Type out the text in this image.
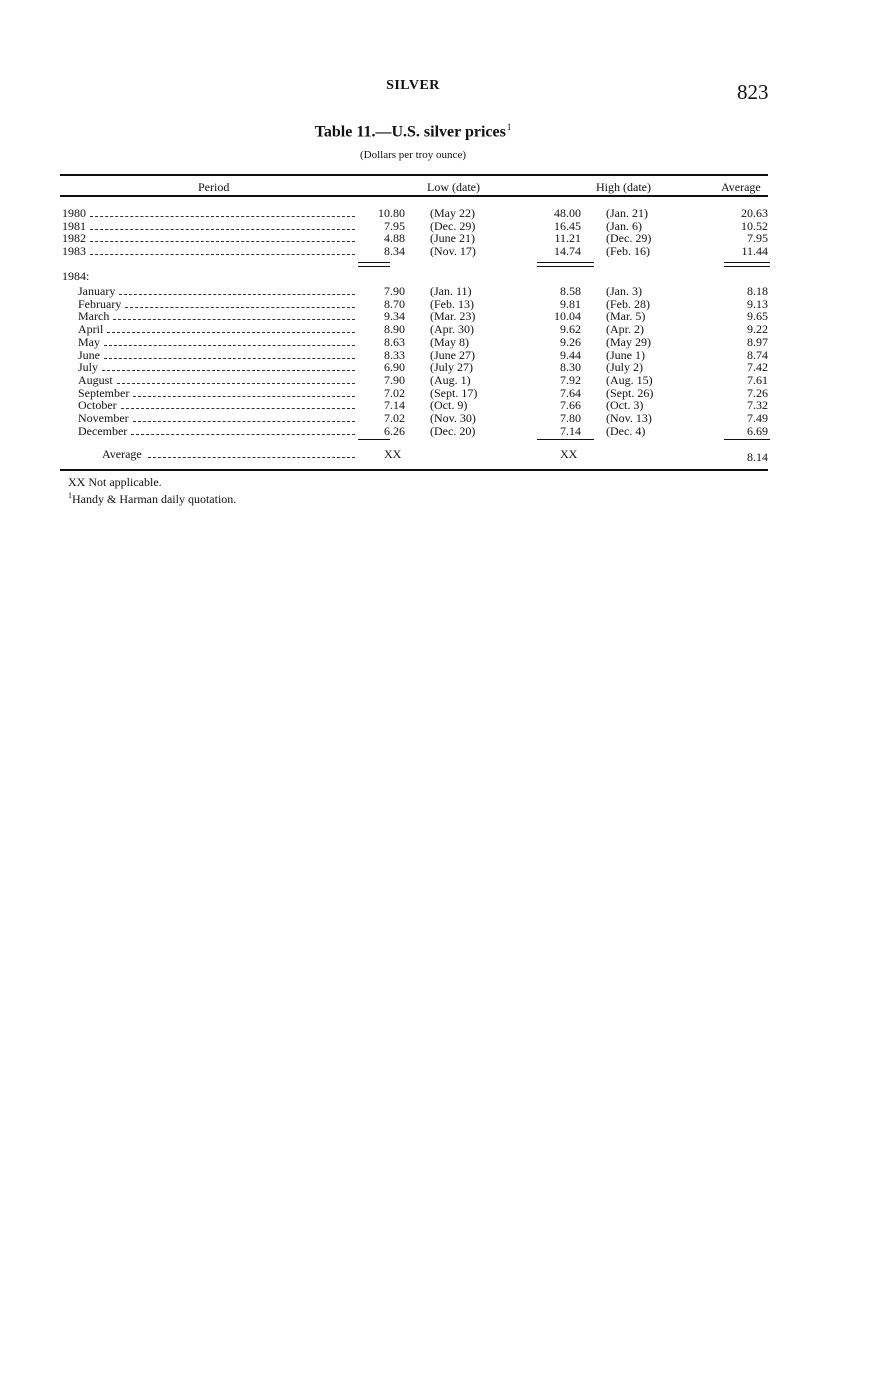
SILVER	823
Table 11.—U.S. silver prices$^1$
(Dollars per troy ounce)
Period	Low (date)	High (date)	Average
1980	10.80 (May 22)	48.00 (Jan. 21)	20.63
1981	7.95 (Dec. 29)	16.45 (Jan. 6)	10.52
1982	4.88 (June 21)	11.21 (Dec. 29)	7.95
1983	8.34 (Nov. 17)	14.74 (Feb. 16)	11.44
1984:
January	7.90 (Jan. 11)	8.58 (Jan. 3)	8.18
February	8.70 (Feb. 13)	9.81 (Feb. 28)	9.13
March	9.34 (Mar. 23)	10.04 (Mar. 5)	9.65
April	8.90 (Apr. 30)	9.62 (Apr. 2)	9.22
May	8.63 (May 8)	9.26 (May 29)	8.97
June	8.33 (June 27)	9.44 (June 1)	8.74
July	6.90 (July 27)	8.30 (July 2)	7.42
August	7.90 (Aug. 1)	7.92 (Aug. 15)	7.61
September	7.02 (Sept. 17)	7.64 (Sept. 26)	7.26
October	7.14 (Oct. 9)	7.66 (Oct. 3)	7.32
November	7.02 (Nov. 30)	7.80 (Nov. 13)	7.49
December	6.26 (Dec. 20)	7.14 (Dec. 4)	6.69
Average	XX	XX	8.14
XX Not applicable.
$^1$Handy & Harman daily quotation.
